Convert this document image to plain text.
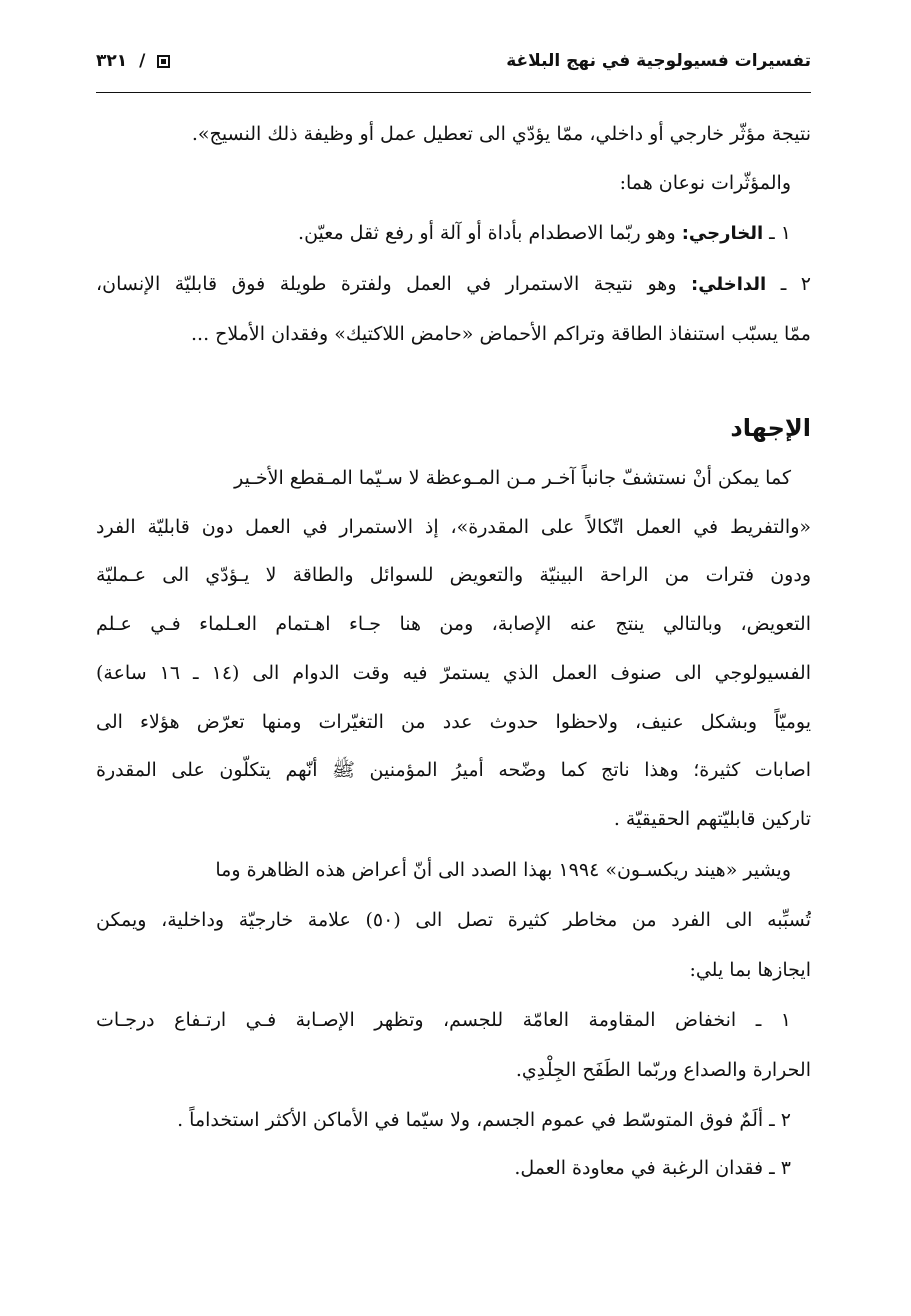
تفسيرات فسيولوجية في نهج البلاغة
٣٢١ /
نتيجة مؤثّر خارجي أو داخلي، ممّا يؤدّي الى تعطيل عمل أو وظيفة ذلك النسيج».
والمؤثّرات نوعان هما:
١ ـ الخارجي: وهو ربّما الاصطدام بأداة أو آلة أو رفع ثقل معيّن.
٢ ـ الداخلي: وهو نتيجة الاستمرار في العمل ولفترة طويلة فوق قابليّة الإنسان،
ممّا يسبّب استنفاذ الطاقة وتراكم الأحماض «حامض اللاكتيك» وفقدان الأملاح ...
الإجهاد
كما يمكن أنْ نستشفّ جانباً آخـر مـن المـوعظة لا سـيّما المـقطع الأخـير
«والتفريط في العمل اتّكالاً على المقدرة»، إذ الاستمرار في العمل دون قابليّة الفرد
ودون فترات من الراحة البينيّة والتعويض للسوائل والطاقة لا يـؤدّي الى عـمليّة
التعويض، وبالتالي ينتج عنه الإصابة، ومن هنا جـاء اهـتمام العـلماء فـي عـلم
الفسيولوجي الى صنوف العمل الذي يستمرّ فيه وقت الدوام الى (١٤ ـ ١٦ ساعة)
يوميّاً وبشكل عنيف، ولاحظوا حدوث عدد من التغيّرات ومنها تعرّض هؤلاء الى
اصابات كثيرة؛ وهذا ناتج كما وضّحه أميرُ المؤمنين ﷺ أنّهم يتكلّون على المقدرة
تاركين قابليّتهم الحقيقيّة .
ويشير «هيند ريكسـون» ١٩٩٤ بهذا الصدد الى أنّ أعراض هذه الظاهرة وما
تُسبِّبه الى الفرد من مخاطر كثيرة تصل الى (٥٠) علامة خارجيّة وداخلية، ويمكن
ايجازها بما يلي:
١ ـ انخفاض المقاومة العامّة للجسم، وتظهر الإصـابة فـي ارتـفاع درجـات
الحرارة والصداع وربّما الطَفَح الجِلْدِي.
٢ ـ ألَمٌ فوق المتوسّط في عموم الجسم، ولا سيّما في الأماكن الأكثر استخداماً .
٣ ـ فقدان الرغبة في معاودة العمل.
